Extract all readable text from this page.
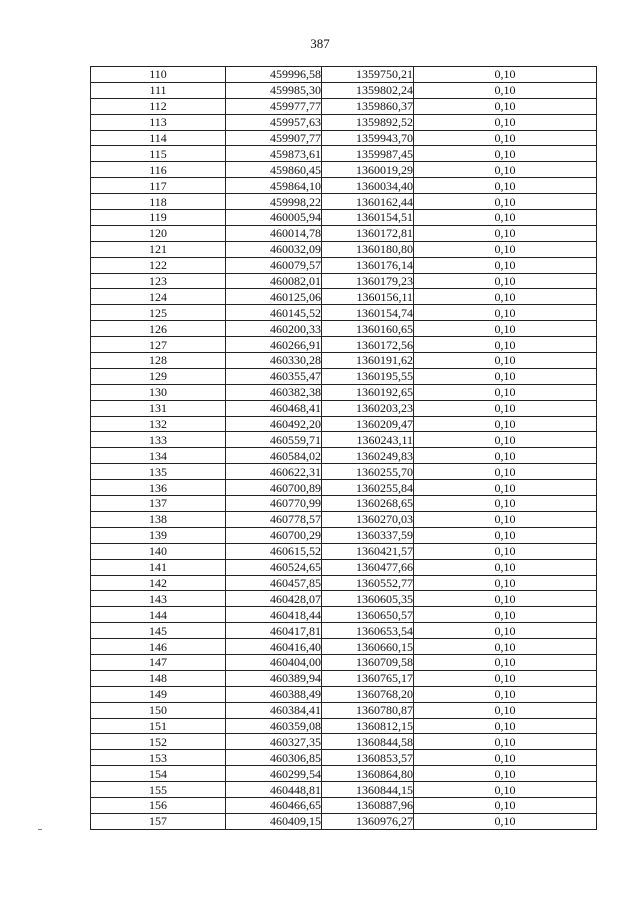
387
110	459996,58	1359750,21	0,10
111	459985,30	1359802,24	0,10
112	459977,77	1359860,37	0,10
113	459957,63	1359892,52	0,10
114	459907,77	1359943,70	0,10
115	459873,61	1359987,45	0,10
116	459860,45	1360019,29	0,10
117	459864,10	1360034,40	0,10
118	459998,22	1360162,44	0,10
119	460005,94	1360154,51	0,10
120	460014,78	1360172,81	0,10
121	460032,09	1360180,80	0,10
122	460079,57	1360176,14	0,10
123	460082,01	1360179,23	0,10
124	460125,06	1360156,11	0,10
125	460145,52	1360154,74	0,10
126	460200,33	1360160,65	0,10
127	460266,91	1360172,56	0,10
128	460330,28	1360191,62	0,10
129	460355,47	1360195,55	0,10
130	460382,38	1360192,65	0,10
131	460468,41	1360203,23	0,10
132	460492,20	1360209,47	0,10
133	460559,71	1360243,11	0,10
134	460584,02	1360249,83	0,10
135	460622,31	1360255,70	0,10
136	460700,89	1360255,84	0,10
137	460770,99	1360268,65	0,10
138	460778,57	1360270,03	0,10
139	460700,29	1360337,59	0,10
140	460615,52	1360421,57	0,10
141	460524,65	1360477,66	0,10
142	460457,85	1360552,77	0,10
143	460428,07	1360605,35	0,10
144	460418,44	1360650,57	0,10
145	460417,81	1360653,54	0,10
146	460416,40	1360660,15	0,10
147	460404,00	1360709,58	0,10
148	460389,94	1360765,17	0,10
149	460388,49	1360768,20	0,10
150	460384,41	1360780,87	0,10
151	460359,08	1360812,15	0,10
152	460327,35	1360844,58	0,10
153	460306,85	1360853,57	0,10
154	460299,54	1360864,80	0,10
155	460448,81	1360844,15	0,10
156	460466,65	1360887,96	0,10
157	460409,15	1360976,27	0,10
